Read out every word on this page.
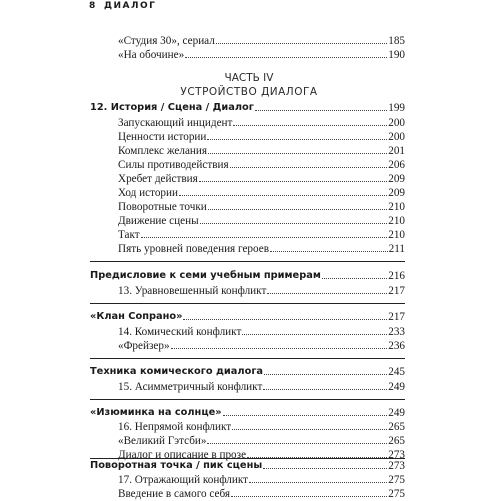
8 ДИАЛОГ
ЧАСТЬ IV
УСТРОЙСТВО ДИАЛОГА
«Студия 30», сериал	185
«На обочине»	190
12. История / Сцена / Диалог	199
Запускающий инцидент	200
Ценности истории	200
Комплекс желания	201
Силы противодействия	206
Хребет действия	209
Ход истории	209
Поворотные точки	210
Движение сцены	210
Такт	210
Пять уровней поведения героев	211
Предисловие к семи учебным примерам	216
13. Уравновешенный конфликт	217
«Клан Сопрано»	217
14. Комический конфликт	233
«Фрейзер»	236
Техника комического диалога	245
15. Асимметричный конфликт	249
«Изюминка на солнце»	249
16. Непрямой конфликт	265
«Великий Гэтсби»	265
Диалог и описание в прозе	273
Поворотная точка / пик сцены	273
17. Отражающий конфликт	275
Введение в самого себя	275
